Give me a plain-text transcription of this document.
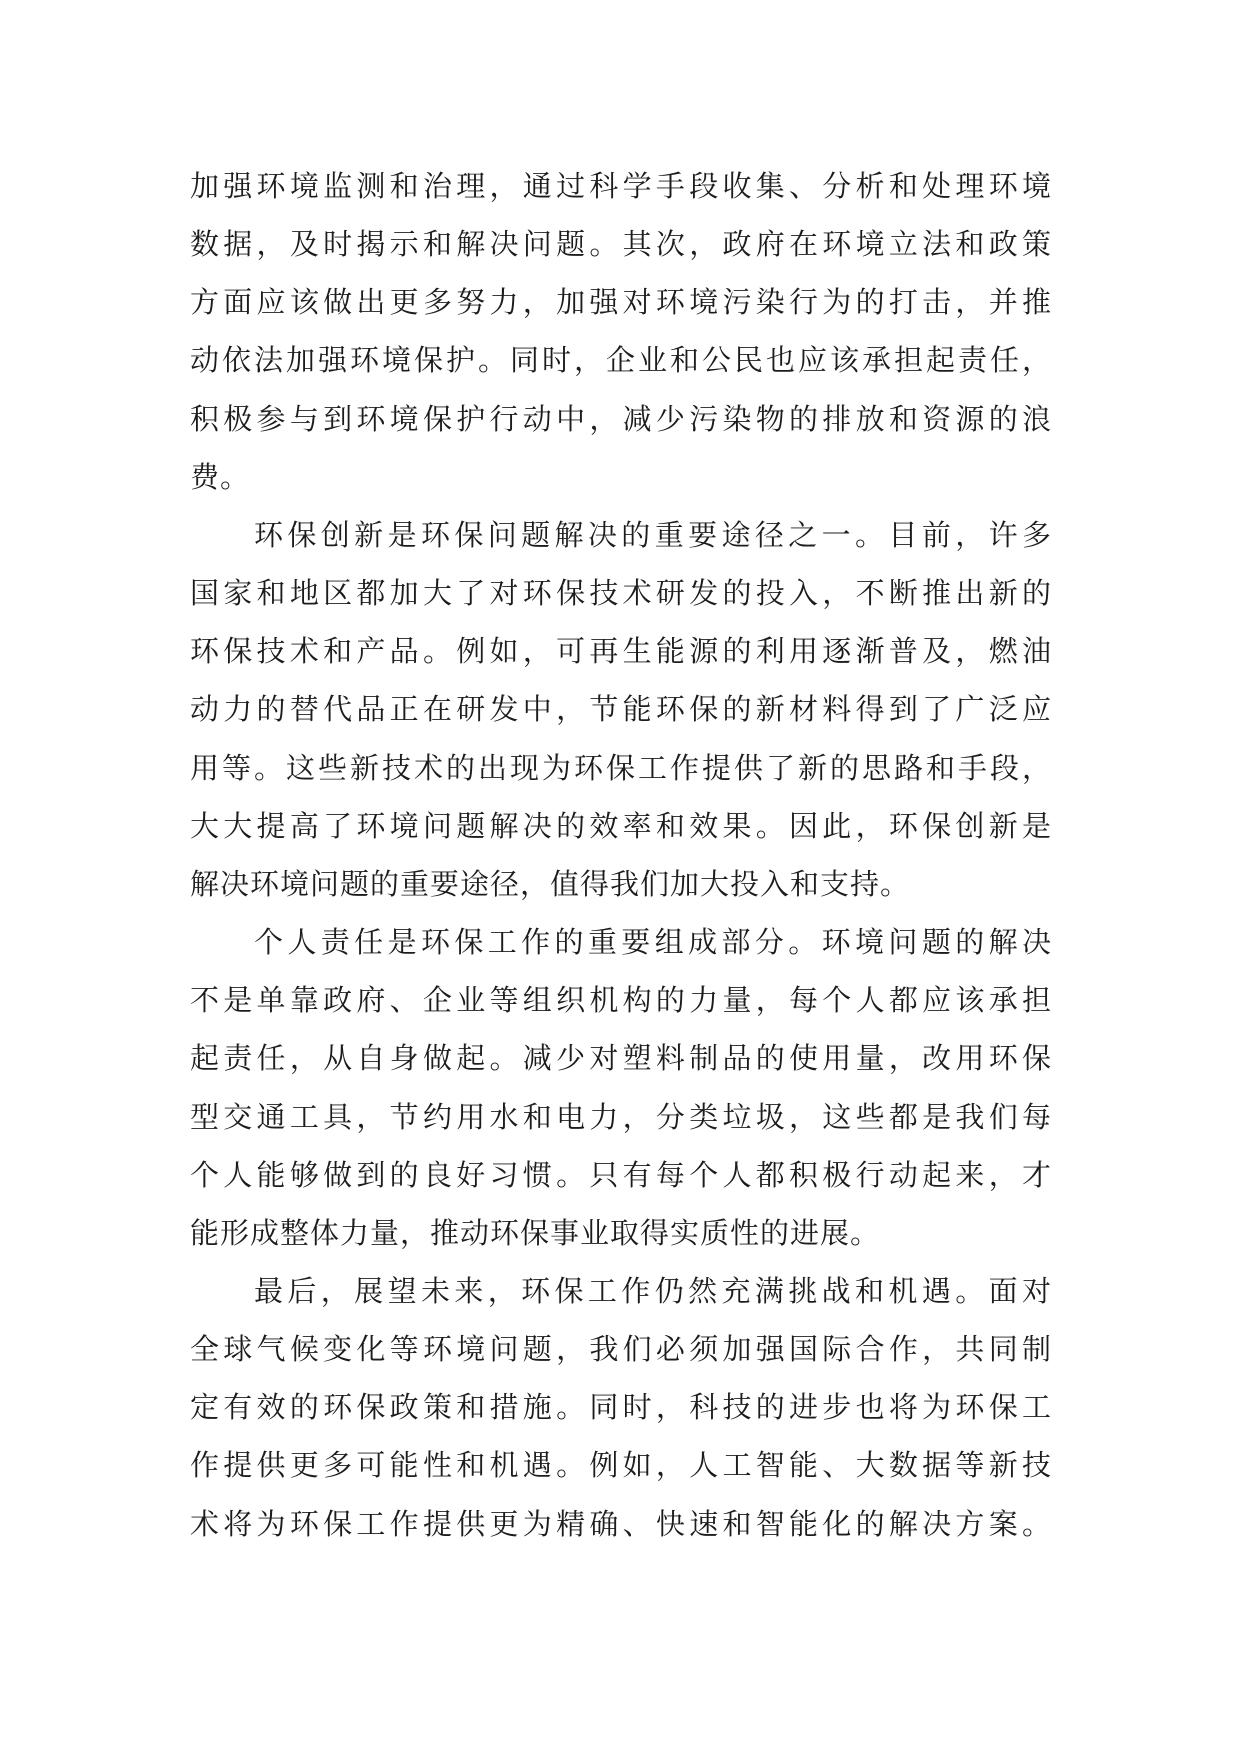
加强环境监测和治理，通过科学手段收集、分析和处理环境
数据，及时揭示和解决问题。其次，政府在环境立法和政策
方面应该做出更多努力，加强对环境污染行为的打击，并推
动依法加强环境保护。同时，企业和公民也应该承担起责任，
积极参与到环境保护行动中，减少污染物的排放和资源的浪
费。
环保创新是环保问题解决的重要途径之一。目前，许多
国家和地区都加大了对环保技术研发的投入，不断推出新的
环保技术和产品。例如，可再生能源的利用逐渐普及，燃油
动力的替代品正在研发中，节能环保的新材料得到了广泛应
用等。这些新技术的出现为环保工作提供了新的思路和手段，
大大提高了环境问题解决的效率和效果。因此，环保创新是
解决环境问题的重要途径，值得我们加大投入和支持。
个人责任是环保工作的重要组成部分。环境问题的解决
不是单靠政府、企业等组织机构的力量，每个人都应该承担
起责任，从自身做起。减少对塑料制品的使用量，改用环保
型交通工具，节约用水和电力，分类垃圾，这些都是我们每
个人能够做到的良好习惯。只有每个人都积极行动起来，才
能形成整体力量，推动环保事业取得实质性的进展。
最后，展望未来，环保工作仍然充满挑战和机遇。面对
全球气候变化等环境问题，我们必须加强国际合作，共同制
定有效的环保政策和措施。同时，科技的进步也将为环保工
作提供更多可能性和机遇。例如，人工智能、大数据等新技
术将为环保工作提供更为精确、快速和智能化的解决方案。
